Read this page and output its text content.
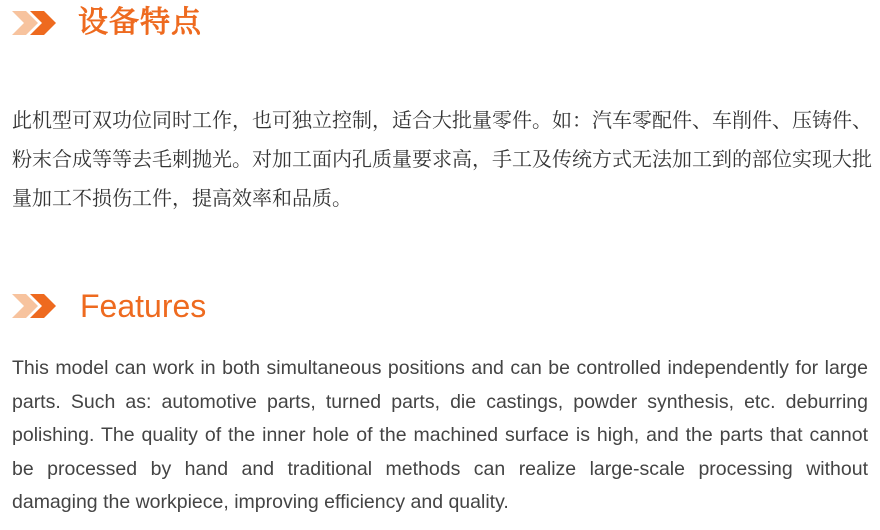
设备特点

此机型可双功位同时工作，也可独立控制，适合大批量零件。如：汽车零配件、车削件、压铸件、粉末合成等等去毛刺抛光。对加工面内孔质量要求高，手工及传统方式无法加工到的部位实现大批量加工不损伤工件，提高效率和品质。

Features

This model can work in both simultaneous positions and can be controlled independently for large parts. Such as: automotive parts, turned parts, die castings, powder synthesis, etc. deburring polishing. The quality of the inner hole of the machined surface is high, and the parts that cannot be processed by hand and traditional methods can realize large-scale processing without damaging the workpiece, improving efficiency and quality.
